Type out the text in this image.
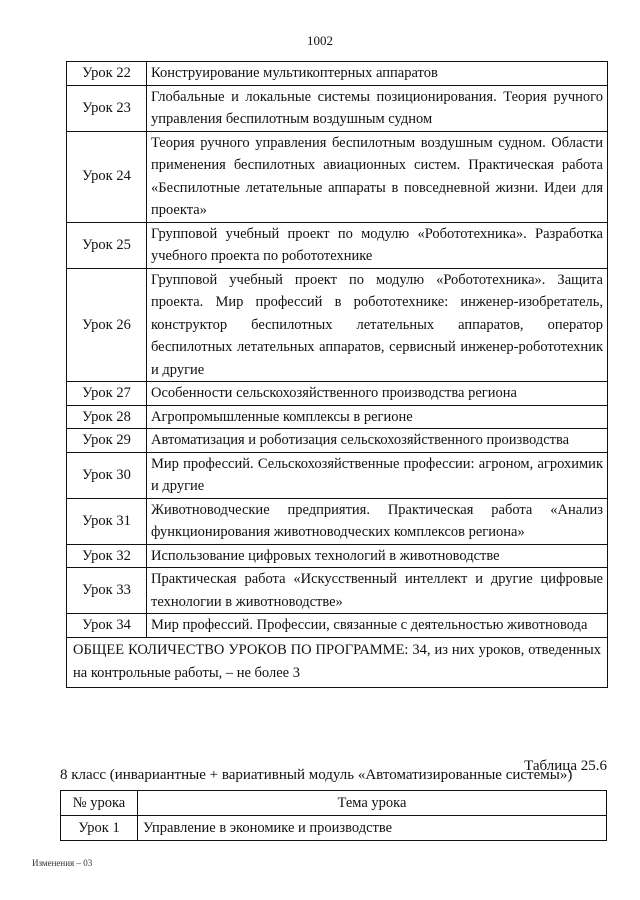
1002
Урок 22	Конструирование мультикоптерных аппаратов
Урок 23	Глобальные и локальные системы позиционирования. Теория ручного управления беспилотным воздушным судном
Урок 24	Теория ручного управления беспилотным воздушным судном. Области применения беспилотных авиационных систем. Практическая работа «Беспилотные летательные аппараты в повседневной жизни. Идеи для проекта»
Урок 25	Групповой учебный проект по модулю «Робототехника». Разработка учебного проекта по робототехнике
Урок 26	Групповой учебный проект по модулю «Робототехника». Защита проекта. Мир профессий в робототехнике: инженер-изобретатель, конструктор беспилотных летательных аппаратов, оператор беспилотных летательных аппаратов, сервисный инженер-робототехник и другие
Урок 27	Особенности сельскохозяйственного производства региона
Урок 28	Агропромышленные комплексы в регионе
Урок 29	Автоматизация и роботизация сельскохозяйственного производства
Урок 30	Мир профессий. Сельскохозяйственные профессии: агроном, агрохимик и другие
Урок 31	Животноводческие предприятия. Практическая работа «Анализ функционирования животноводческих комплексов региона»
Урок 32	Использование цифровых технологий в животноводстве
Урок 33	Практическая работа «Искусственный интеллект и другие цифровые технологии в животноводстве»
Урок 34	Мир профессий. Профессии, связанные с деятельностью животновода
ОБЩЕЕ КОЛИЧЕСТВО УРОКОВ ПО ПРОГРАММЕ: 34, из них уроков, отведенных на контрольные работы, – не более 3	
Таблица 25.6
8 класс (инвариантные + вариативный модуль «Автоматизированные системы»)
№ урока	Тема урока
Урок 1	Управление в экономике и производстве
Изменения – 03
